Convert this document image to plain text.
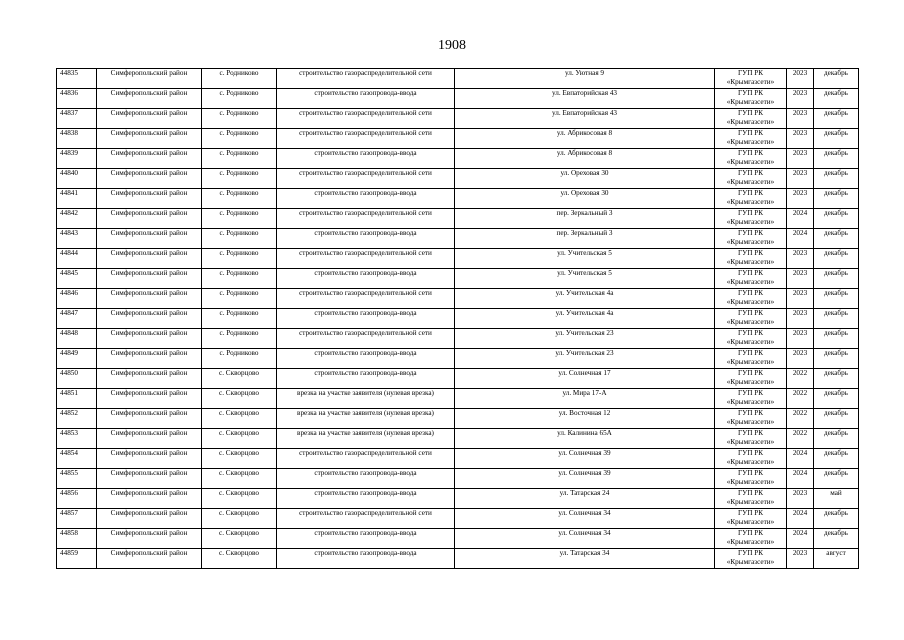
1908
44835	Симферопольский район	с. Родниково	строительство газораспределительной сети	ул. Уютная 9	ГУП РК
«Крымгазсети»	2023	декабрь
44836	Симферопольский район	с. Родниково	строительство газопровода-ввода	ул. Евпаторийская 43	ГУП РК
«Крымгазсети»	2023	декабрь
44837	Симферопольский район	с. Родниково	строительство газораспределительной сети	ул. Евпаторийская 43	ГУП РК
«Крымгазсети»	2023	декабрь
44838	Симферопольский район	с. Родниково	строительство газораспределительной сети	ул. Абрикосовая 8	ГУП РК
«Крымгазсети»	2023	декабрь
44839	Симферопольский район	с. Родниково	строительство газопровода-ввода	ул. Абрикосовая 8	ГУП РК
«Крымгазсети»	2023	декабрь
44840	Симферопольский район	с. Родниково	строительство газораспределительной сети	ул. Ореховая 30	ГУП РК
«Крымгазсети»	2023	декабрь
44841	Симферопольский район	с. Родниково	строительство газопровода-ввода	ул. Ореховая 30	ГУП РК
«Крымгазсети»	2023	декабрь
44842	Симферопольский район	с. Родниково	строительство газораспределительной сети	пер. Зеркальный 3	ГУП РК
«Крымгазсети»	2024	декабрь
44843	Симферопольский район	с. Родниково	строительство газопровода-ввода	пер. Зеркальный 3	ГУП РК
«Крымгазсети»	2024	декабрь
44844	Симферопольский район	с. Родниково	строительство газораспределительной сети	ул. Учительская 5	ГУП РК
«Крымгазсети»	2023	декабрь
44845	Симферопольский район	с. Родниково	строительство газопровода-ввода	ул. Учительская 5	ГУП РК
«Крымгазсети»	2023	декабрь
44846	Симферопольский район	с. Родниково	строительство газораспределительной сети	ул. Учительская 4а	ГУП РК
«Крымгазсети»	2023	декабрь
44847	Симферопольский район	с. Родниково	строительство газопровода-ввода	ул. Учительская 4а	ГУП РК
«Крымгазсети»	2023	декабрь
44848	Симферопольский район	с. Родниково	строительство газораспределительной сети	ул. Учительская 23	ГУП РК
«Крымгазсети»	2023	декабрь
44849	Симферопольский район	с. Родниково	строительство газопровода-ввода	ул. Учительская 23	ГУП РК
«Крымгазсети»	2023	декабрь
44850	Симферопольский район	с. Скворцово	строительство газопровода-ввода	ул. Солнечная 17	ГУП РК
«Крымгазсети»	2022	декабрь
44851	Симферопольский район	с. Скворцово	врезка на участке заявителя (нулевая врезка)	ул. Мира 17-А	ГУП РК
«Крымгазсети»	2022	декабрь
44852	Симферопольский район	с. Скворцово	врезка на участке заявителя (нулевая врезка)	ул. Восточная 12	ГУП РК
«Крымгазсети»	2022	декабрь
44853	Симферопольский район	с. Скворцово	врезка на участке заявителя (нулевая врезка)	ул. Калинина 65А	ГУП РК
«Крымгазсети»	2022	декабрь
44854	Симферопольский район	с. Скворцово	строительство газораспределительной сети	ул. Солнечная 39	ГУП РК
«Крымгазсети»	2024	декабрь
44855	Симферопольский район	с. Скворцово	строительство газопровода-ввода	ул. Солнечная 39	ГУП РК
«Крымгазсети»	2024	декабрь
44856	Симферопольский район	с. Скворцово	строительство газопровода-ввода	ул. Татарская 24	ГУП РК
«Крымгазсети»	2023	май
44857	Симферопольский район	с. Скворцово	строительство газораспределительной сети	ул. Солнечная 34	ГУП РК
«Крымгазсети»	2024	декабрь
44858	Симферопольский район	с. Скворцово	строительство газопровода-ввода	ул. Солнечная 34	ГУП РК
«Крымгазсети»	2024	декабрь
44859	Симферопольский район	с. Скворцово	строительство газопровода-ввода	ул. Татарская 34	ГУП РК
«Крымгазсети»	2023	август
